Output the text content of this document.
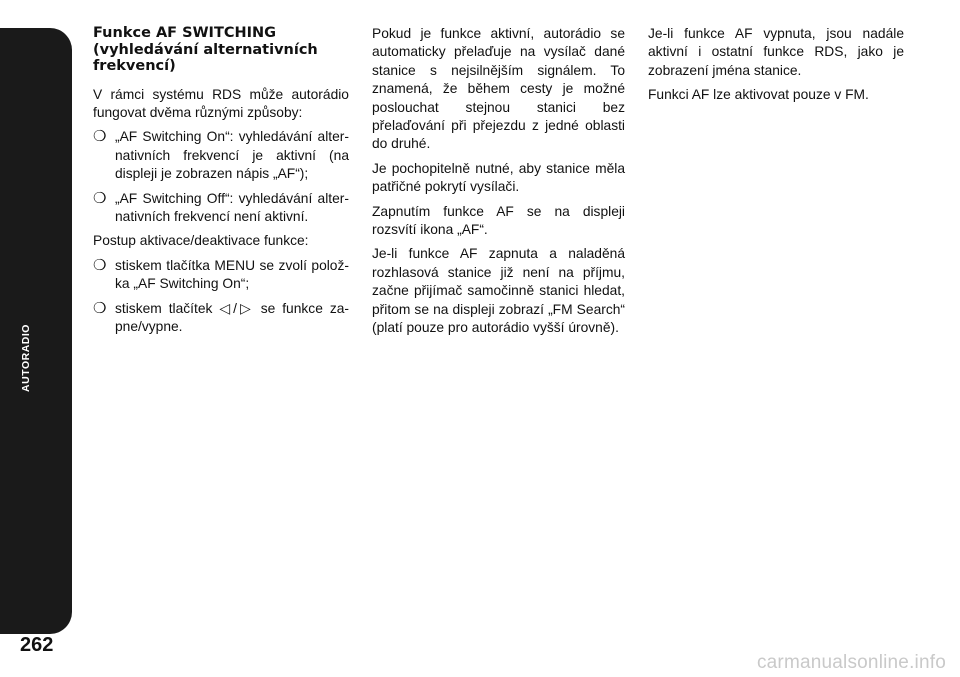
AUTORADIO
262
Funkce AF SWITCHING (vyhledávání alternativních frekvencí)
V rámci systému RDS může autorádio fungovat dvěma různými způsoby:
❍ „AF Switching On“: vyhledávání alternativních frekvencí je aktivní (na displeji je zobrazen nápis „AF“);
❍ „AF Switching Off“: vyhledávání alternativních frekvencí není aktivní.
Postup aktivace/deaktivace funkce:
❍ stiskem tlačítka MENU se zvolí položka „AF Switching On“;
❍ stiskem tlačítek ◁/▷ se funkce zapne/vypne.
Pokud je funkce aktivní, autorádio se automaticky přelaďuje na vysílač dané stanice s nejsilnějším signálem. To znamená, že během cesty je možné poslouchat stejnou stanici bez přelaďování při přejezdu z jedné oblasti do druhé.
Je pochopitelně nutné, aby stanice měla patřičné pokrytí vysílači.
Zapnutím funkce AF se na displeji rozsvítí ikona „AF“.
Je-li funkce AF zapnuta a naladěná rozhlasová stanice již není na příjmu, začne přijímač samočinně stanici hledat, přitom se na displeji zobrazí „FM Search“ (platí pouze pro autorádio vyšší úrovně).
Je-li funkce AF vypnuta, jsou nadále aktivní i ostatní funkce RDS, jako je zobrazení jména stanice.
Funkci AF lze aktivovat pouze v FM.
carmanualsonline.info
